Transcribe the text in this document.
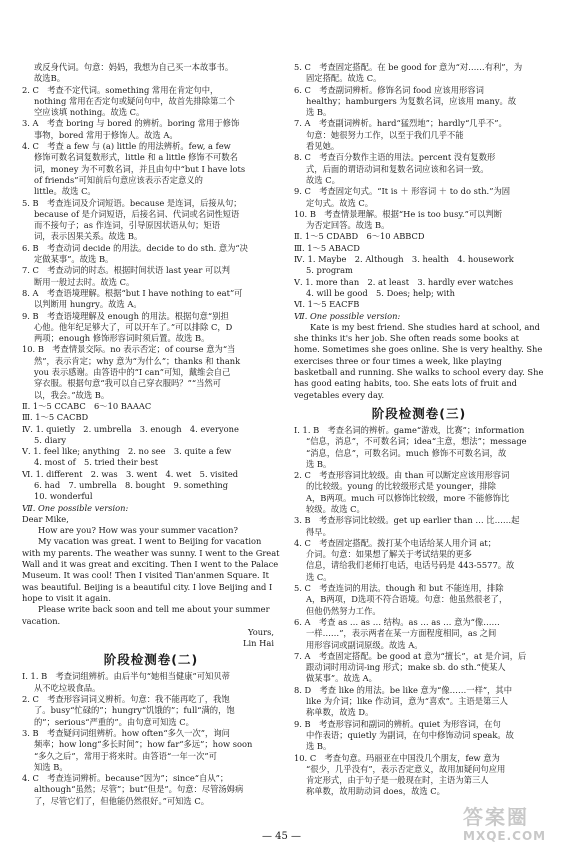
或反身代词。句意：妈妈，我想为自己买一本故事书。
故选B。
2. C　考查不定代词。something 常用在肯定句中，
nothing 常用在否定句或疑问句中，故首先排除第二个
空应该填 nothing。故选 C。
3. A　考查 boring 与 bored 的辨析。boring 常用于修饰
事物，bored 常用于修饰人。故选 A。
4. C　考查 a few 与 (a) little 的用法辨析。few, a few
修饰可数名词复数形式，little 和 a little 修饰不可数名
词，money 为不可数名词，并且由句中“but I have lots
of friends”可知前后句意应该表示否定意义的
little。故选 C。
5. B　考查连词及介词短语。because 是连词，后接从句；
because of 是介词短语，后接名词、代词或名词性短语
而不接句子；as 作连词，引导原因状语从句；矩语
词，表示因果关系。故选 B。
6. B　考查动词 decide 的用法。decide to do sth. 意为“决
定做某事”。故选 B。
7. C　考查动词的时态。根据时间状语 last year 可以判
断用一般过去时。故选 C。
8. A　考查语境理解。根据“but I have nothing to eat”可
以判断用 hungry。故选 A。
9. B　考查语境理解及 enough 的用法。根据句意“别担
心他。他年纪足够大了，可以开车了。”可以排除 C，D
两项；enough 修饰形容词时须后置。故选 B。
10. B　考查情景交际。no 表示否定；of course 意为“当
然”，表示肯定；why 意为“为什么”；thanks 和 thank
you 表示感谢。由答语中的“I can”可知，戴维会自己
穿衣服。根据句意“我可以自己穿衣服吗？”“当然可
以，我会。”故选 B。
Ⅱ. 1～5 CCABC　6～10 BAAAC
Ⅲ. 1～5 CACBD
Ⅳ. 1. quietly　2. umbrella　3. enough　4. everyone
5. diary
Ⅴ. 1. feel like; anything　2. no see　3. quite a few
4. most of　5. tried their best
Ⅵ. 1. different　2. was　3. went　4. wet　5. visited
6. had　7. umbrella　8. bought　9. something
10. wonderful
Ⅶ. One possible version:
Dear Mike,
How are you? How was your summer vacation?
My vacation was great. I went to Beijing for vacation with my parents. The weather was sunny. I went to the Great Wall and it was great and exciting. Then I went to the Palace Museum. It was cool! Then I visited Tian'anmen Square. It was beautiful. Beijing is a beautiful city. I love Beijing and I hope to visit it again.
Please write back soon and tell me about your summer vacation.
Yours,
Lin Hai
阶段检测卷(二)
Ⅰ. 1. B　考查词组辨析。由后半句“她相当健康”可知贝蒂
从不吃垃圾食品。
2. C　考查形容词词义辨析。句意：我不能再吃了，我饱
了。busy“忙碌的”；hungry“饥饿的”；full“满的，饱
的”；serious“严重的”。由句意可知选 C。
3. B　考查疑问词组辨析。how often“多久一次”，询问
频率；how long“多长时间”；how far“多远”；how soon
“多久之后”，常用于将来时。由答语“一年一次”可
知选 B。
4. C　考查连词辨析。because“因为”；since“自从”；
although“虽然；尽管”；but“但是”。句意：尽管汤姆病
了，尽管它们了，但他能仍然很好。”可知选 C。
5. C　考查固定搭配。在 be good for 意为“对……有利”，为
固定搭配。故选 C。
6. C　考查副词辨析。修饰名词 food 应该用形容词
healthy；hamburgers 为复数名词，应该用 many。故
选 B。
7. A　考查副词辨析。hard“猛烈地”；hardly“几乎不”。
句意：她很努力工作，以至于我们几乎不能
看见她。
8. C　考查百分数作主语的用法。percent 没有复数形
式，后面的谓语动词和复数名词应该和名词一致。
故选 C。
9. C　考查固定句式。“It is ＋ 形容词 ＋ to do sth.”为固
定句式。故选 C。
10. B　考查情景理解。根据“He is too busy.”可以判断
为否定回答。故选 B。
Ⅱ. 1～5 CDABD　6～10 ABBCD
Ⅲ. 1～5 ABACD
Ⅳ. 1. Maybe　2. Although　3. health　4. housework
5. program
Ⅴ. 1. more than　2. at least　3. hardly ever watches
4. will be good　5. Does; help; with
Ⅵ. 1～5 EACFB
Ⅶ. One possible version:
Kate is my best friend. She studies hard at school, and she thinks it's her job. She often reads some books at home. Sometimes she goes online. She is very healthy. She exercises three or four times a week, like playing basketball and running. She walks to school every day. She has good eating habits, too. She eats lots of fruit and vegetables every day.
阶段检测卷(三)
Ⅰ. 1. B　考查名词的辨析。game“游戏，比赛”；information
“信息，消息”，不可数名词；idea“主意，想法”；message
“消息，信息”，可数名词。much 修饰不可数名词，故
选 B。
2. C　考查形容词比较级。由 than 可以断定应该用形容词
的比较级。young 的比较级形式是 younger，排除
A，B两项。much 可以修饰比较级，more 不能修饰比
较级。故选 C。
3. B　考查形容词比较级。get up earlier than … 比……起
得早。
4. C　考查固定搭配。拨打某个电话给某人用介词 at；
介词。句意：如果想了解关于考试结果的更多
信息，请给我们老师打电话，电话号码是 443-5577。故
选 C。
5. C　考查连词的用法。though 和 but 不能连用，排除
A，B两项，D选项不符合语境。句意：他虽然很老了，
但他仍然努力工作。
6. A　考查 as … as … 结构。as … as … 意为“像……
一样……”，表示两者在某一方面程度相同，as 之间
用形容词或副词原级。故选 A。
7. A　考查固定搭配。be good at 意为“擅长”，at 是介词，后
跟动词时用动词-ing 形式；make sb. do sth.“使某人
做某事”。故选 A。
8. D　考查 like 的用法。be like 意为“像……一样”，其中
like 为介词；like 作动词，意为“喜欢”。主语是第三人
称单数，故选 D。
9. B　考查形容词和副词的辨析。quiet 为形容词，在句
中作表语；quietly 为副词，在句中修饰动词 speak。故
选 B。
10. C　考查句意。玛丽亚在中国没几个朋友，few 意为
“很少，几乎没有”，表示否定意义，故用加疑问句应用
肯定形式，由于句子是一般现在时，主语为第三人
称单数，故用助动词 does，故选 C。
— 45 —
答案圈
MXQE.COM
